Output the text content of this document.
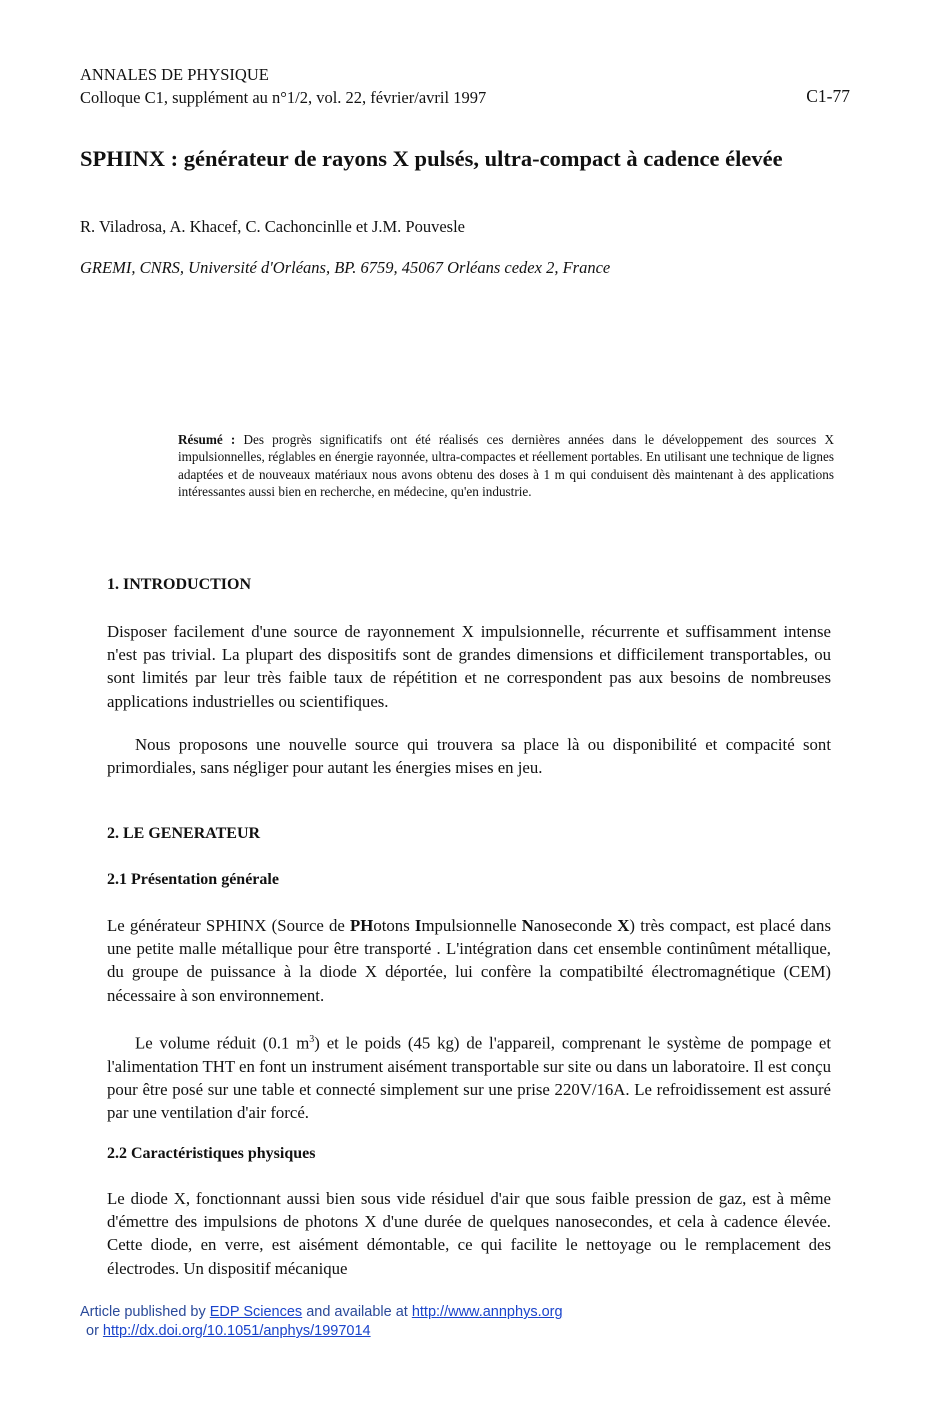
ANNALES DE PHYSIQUE
Colloque C1, supplément au n°1/2, vol. 22, février/avril 1997	C1-77
SPHINX : générateur de rayons X pulsés, ultra-compact à cadence élevée
R. Viladrosa, A. Khacef, C. Cachoncinlle et J.M. Pouvesle
GREMI, CNRS, Université d'Orléans, BP. 6759, 45067 Orléans cedex 2, France

Résumé : Des progrès significatifs ont été réalisés ces dernières années dans le développement des sources X impulsionnelles, réglables en énergie rayonnée, ultra-compactes et réellement portables. En utilisant une technique de lignes adaptées et de nouveaux matériaux nous avons obtenu des doses à 1 m qui conduisent dès maintenant à des applications intéressantes aussi bien en recherche, en médecine, qu'en industrie.

1. INTRODUCTION

Disposer facilement d'une source de rayonnement X impulsionnelle, récurrente et suffisamment intense n'est pas trivial. La plupart des dispositifs sont de grandes dimensions et difficilement transportables, ou sont limités par leur très faible taux de répétition et ne correspondent pas aux besoins de nombreuses applications industrielles ou scientifiques.

Nous proposons une nouvelle source qui trouvera sa place là ou disponibilité et compacité sont primordiales, sans négliger pour autant les énergies mises en jeu.

2. LE GENERATEUR
2.1 Présentation générale

Le générateur SPHINX (Source de PHotons Impulsionnelle Nanoseconde X) très compact, est placé dans une petite malle métallique pour être transporté . L'intégration dans cet ensemble continûment métallique, du groupe de puissance à la diode X déportée, lui confère la compatibilté électromagnétique (CEM) nécessaire à son environnement.

Le volume réduit (0.1 $m^3$) et le poids (45 kg) de l'appareil, comprenant le système de pompage et l'alimentation THT en font un instrument aisément transportable sur site ou dans un laboratoire. Il est conçu pour être posé sur une table et connecté simplement sur une prise 220V/16A. Le refroidissement est assuré par une ventilation d'air forcé.

2.2 Caractéristiques physiques

Le diode X, fonctionnant aussi bien sous vide résiduel d'air que sous faible pression de gaz, est à même d'émettre des impulsions de photons X d'une durée de quelques nanosecondes, et cela à cadence élevée. Cette diode, en verre, est aisément démontable, ce qui facilite le nettoyage ou le remplacement des électrodes. Un dispositif mécanique

Article published by EDP Sciences and available at http://www.annphys.org
or http://dx.doi.org/10.1051/anphys/1997014
